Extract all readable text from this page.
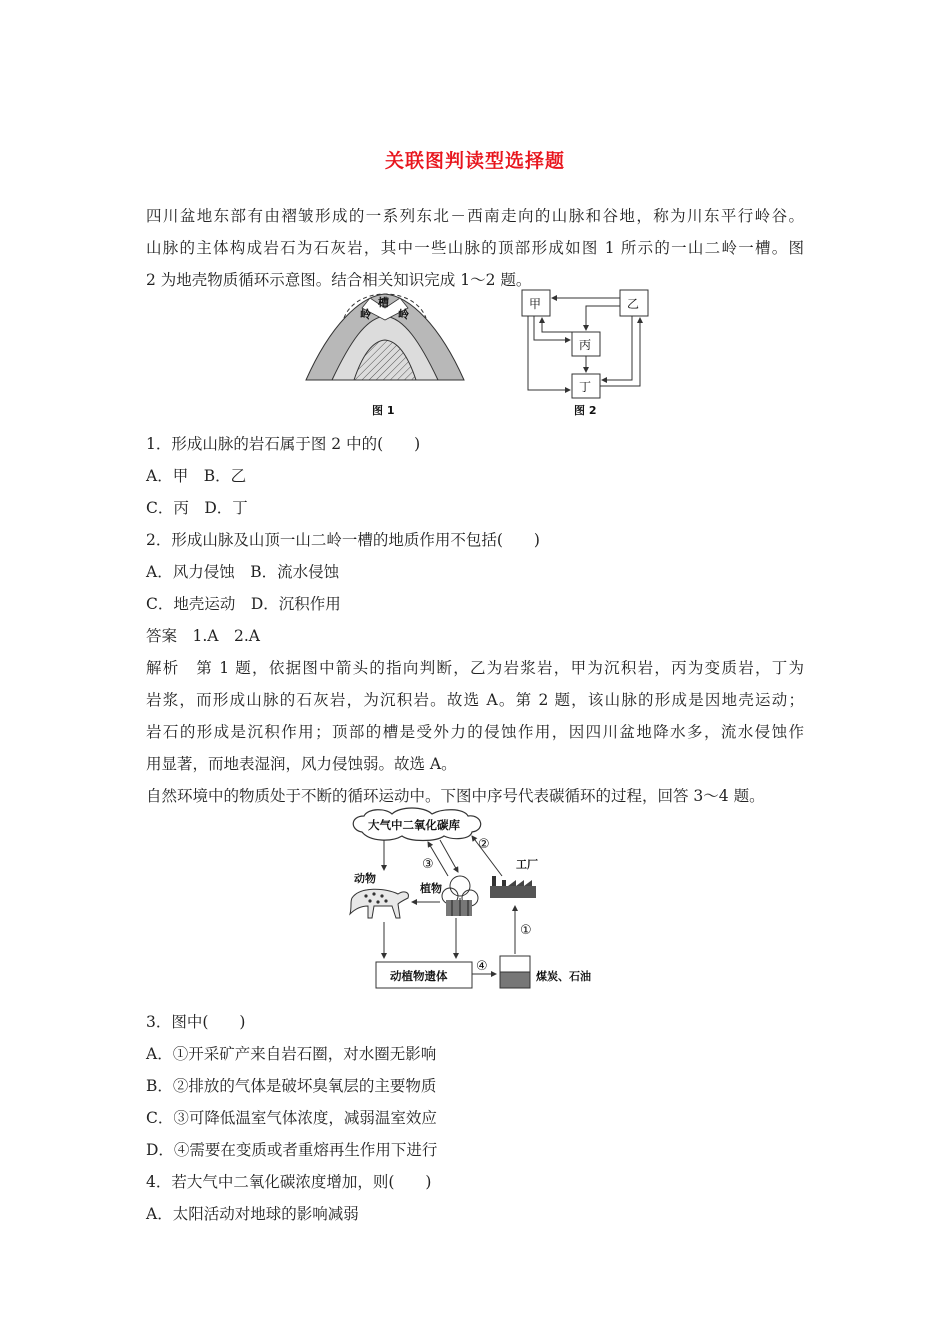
关联图判读型选择题
四川盆地东部有由褶皱形成的一系列东北－西南走向的山脉和谷地，称为川东平行岭谷。
山脉的主体构成岩石为石灰岩，其中一些山脉的顶部形成如图 1 所示的一山二岭一槽。图
2 为地壳物质循环示意图。结合相关知识完成 1～2 题。
岭
槽
岭
图 1
甲	乙
丙
丁
图 2
1．形成山脉的岩石属于图 2 中的(　　)
A．甲　B．乙
C．丙　D．丁
2．形成山脉及山顶一山二岭一槽的地质作用不包括(　　)
A．风力侵蚀　B．流水侵蚀
C．地壳运动　D．沉积作用
答案　1.A　2.A
解析　第 1 题，依据图中箭头的指向判断，乙为岩浆岩，甲为沉积岩，丙为变质岩，丁为
岩浆，而形成山脉的石灰岩，为沉积岩。故选 A。第 2 题，该山脉的形成是因地壳运动；
岩石的形成是沉积作用；顶部的槽是受外力的侵蚀作用，因四川盆地降水多，流水侵蚀作
用显著，而地表湿润，风力侵蚀弱。故选 A。
自然环境中的物质处于不断的循环运动中。下图中序号代表碳循环的过程，回答 3～4 题。
大气中二氧化碳库
②
③	工厂
植物
动物
动植物遗体
④
煤炭、石油
①
3．图中(　　)
A．①开采矿产来自岩石圈，对水圈无影响
B．②排放的气体是破坏臭氧层的主要物质
C．③可降低温室气体浓度，减弱温室效应
D．④需要在变质或者重熔再生作用下进行
4．若大气中二氧化碳浓度增加，则(　　)
A．太阳活动对地球的影响减弱
